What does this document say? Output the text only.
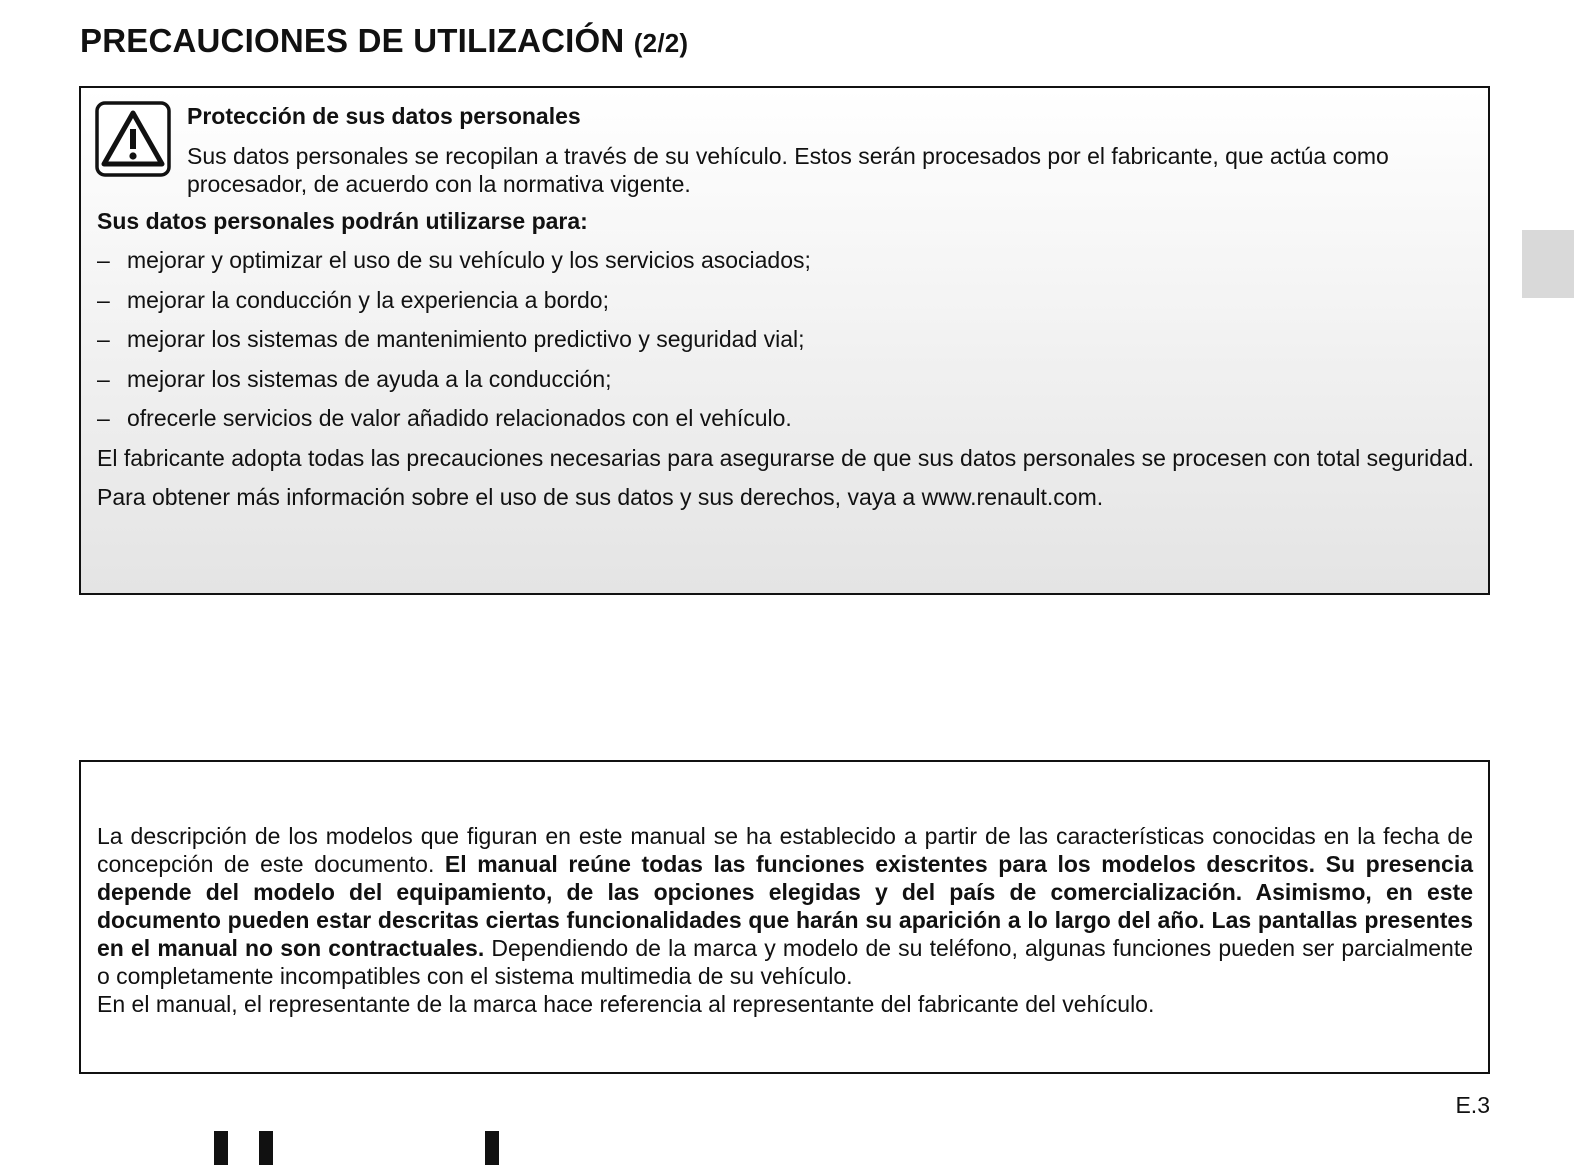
PRECAUCIONES DE UTILIZACIÓN (2/2)

Protección de sus datos personales

Sus datos personales se recopilan a través de su vehículo. Estos serán procesados por el fabricante, que actúa como procesador, de acuerdo con la normativa vigente.

Sus datos personales podrán utilizarse para:

– mejorar y optimizar el uso de su vehículo y los servicios asociados;
– mejorar la conducción y la experiencia a bordo;
– mejorar los sistemas de mantenimiento predictivo y seguridad vial;
– mejorar los sistemas de ayuda a la conducción;
– ofrecerle servicios de valor añadido relacionados con el vehículo.

El fabricante adopta todas las precauciones necesarias para asegurarse de que sus datos personales se procesen con total seguridad.

Para obtener más información sobre el uso de sus datos y sus derechos, vaya a www.renault.com.

La descripción de los modelos que figuran en este manual se ha establecido a partir de las características conocidas en la fecha de concepción de este documento. El manual reúne todas las funciones existentes para los modelos descritos. Su presencia depende del modelo del equipamiento, de las opciones elegidas y del país de comercialización. Asimismo, en este documento pueden estar descritas ciertas funcionalidades que harán su aparición a lo largo del año. Las pantallas presentes en el manual no son contractuales. Dependiendo de la marca y modelo de su teléfono, algunas funciones pueden ser parcialmente o completamente incompatibles con el sistema multimedia de su vehículo.

En el manual, el representante de la marca hace referencia al representante del fabricante del vehículo.

E.3
